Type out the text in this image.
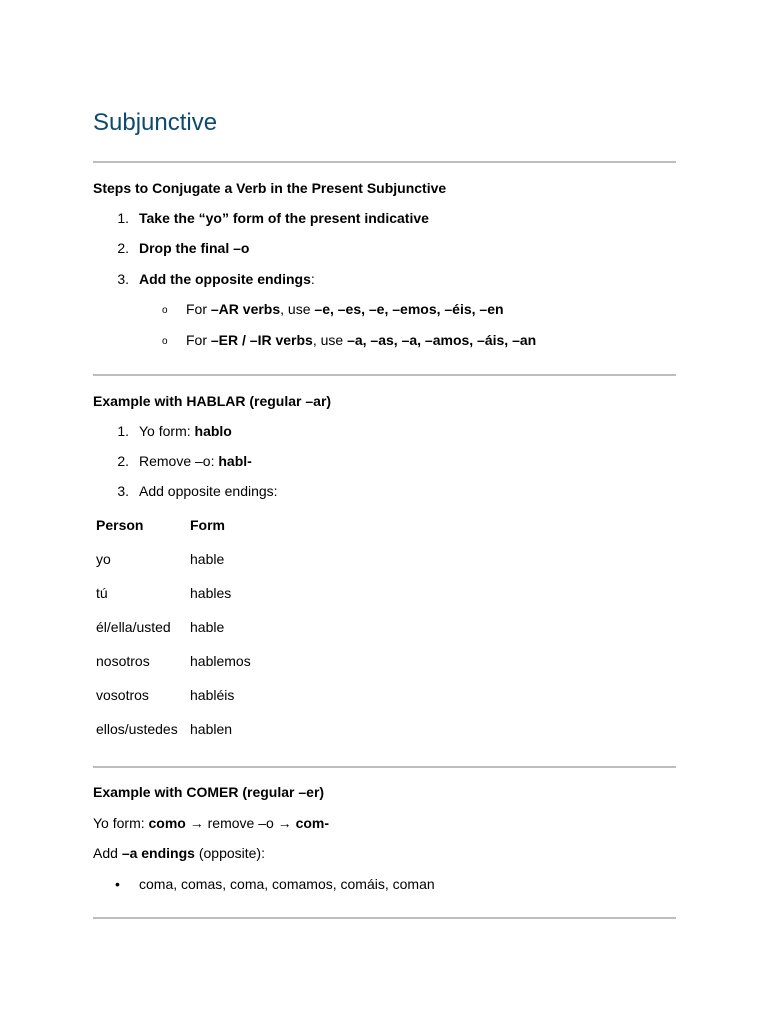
Subjunctive
Steps to Conjugate a Verb in the Present Subjunctive
1. Take the “yo” form of the present indicative
2. Drop the final –o
3. Add the opposite endings:
o For –AR verbs, use –e, –es, –e, –emos, –éis, –en
o For –ER / –IR verbs, use –a, –as, –a, –amos, –áis, –an
Example with HABLAR (regular –ar)
1. Yo form: hablo
2. Remove –o: habl-
3. Add opposite endings:
Person	Form
yo	hable
tú	hables
él/ella/usted hable
nosotros	hablemos
vosotros	habléis
ellos/ustedes hablen
Example with COMER (regular –er)
Yo form: como → remove –o → com-
Add –a endings (opposite):
• coma, comas, coma, comamos, comáis, coman
